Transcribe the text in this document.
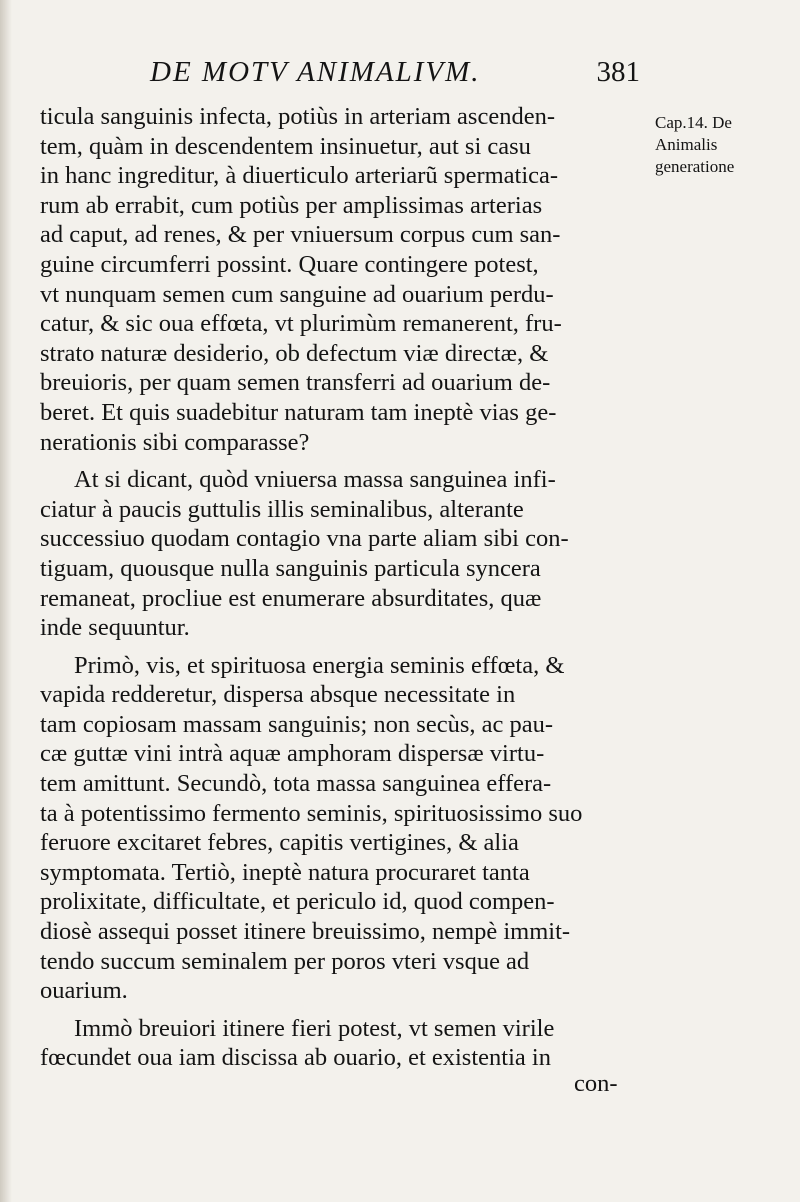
DE MOTV ANIMALIVM.	381
Cap.14. De
Animalis
generatione
ticula sanguinis infecta, potiùs in arteriam ascenden-
tem, quàm in descendentem insinuetur, aut si casu
in hanc ingreditur, à diuerticulo arteriarũ spermatica-
rum ab errabit, cum potiùs per amplissimas arterias
ad caput, ad renes, & per vniuersum corpus cum san-
guine circumferri possint. Quare contingere potest,
vt nunquam semen cum sanguine ad ouarium perdu-
catur, & sic oua effœta, vt plurimùm remanerent, fru-
strato naturæ desiderio, ob defectum viæ directæ, &
breuioris, per quam semen transferri ad ouarium de-
beret. Et quis suadebitur naturam tam ineptè vias ge-
nerationis sibi comparasse?
At si dicant, quòd vniuersa massa sanguinea infi-
ciatur à paucis guttulis illis seminalibus, alterante
successiuo quodam contagio vna parte aliam sibi con-
tiguam, quousque nulla sanguinis particula syncera
remaneat, procliue est enumerare absurditates, quæ
inde sequuntur.
Primò, vis, et spirituosa energia seminis effœta, &
vapida redderetur, dispersa absque necessitate in
tam copiosam massam sanguinis; non secùs, ac pau-
cæ guttæ vini intrà aquæ amphoram dispersæ virtu-
tem amittunt. Secundò, tota massa sanguinea efferа-
ta à potentissimo fermento seminis, spirituosissimo suo
feruore excitaret febres, capitis vertigines, & alia
symptomata. Tertiò, ineptè natura procuraret tanta
prolixitate, difficultate, et periculo id, quod compen-
diosè assequi posset itinere breuissimo, nempè immit-
tendo succum seminalem per poros vteri vsque ad
ouarium.
Immò breuiori itinere fieri potest, vt semen virile
fœcundet oua iam discissa ab ouario, et existentia in
con-
